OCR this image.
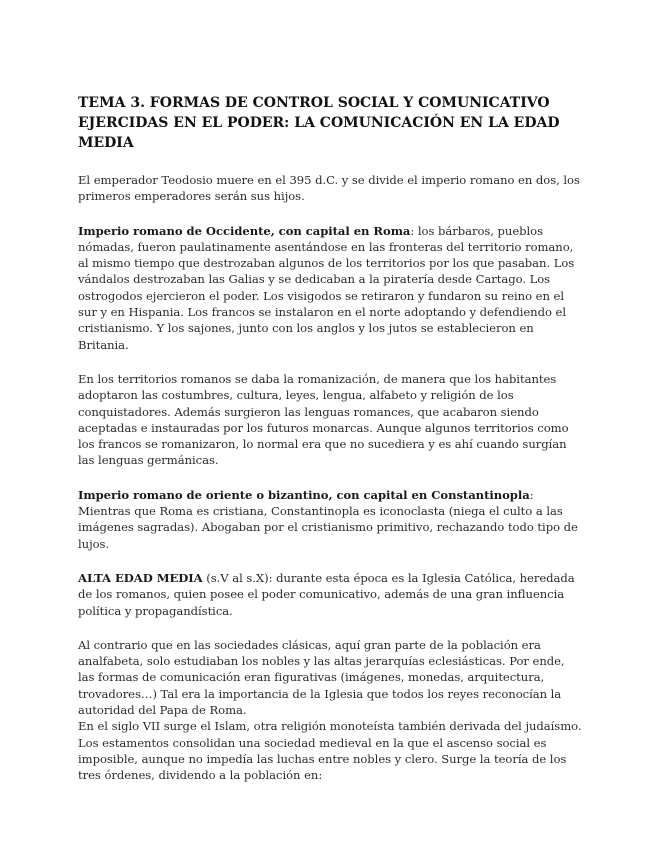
TEMA 3. FORMAS DE CONTROL SOCIAL Y COMUNICATIVO EJERCIDAS EN EL PODER: LA COMUNICACIÓN EN LA EDAD MEDIA

El emperador Teodosio muere en el 395 d.C. y se divide el imperio romano en dos, los primeros emperadores serán sus hijos.

Imperio romano de Occidente, con capital en Roma: los bárbaros, pueblos nómadas, fueron paulatinamente asentándose en las fronteras del territorio romano, al mismo tiempo que destrozaban algunos de los territorios por los que pasaban. Los vándalos destrozaban las Galias y se dedicaban a la piratería desde Cartago. Los ostrogodos ejercieron el poder. Los visigodos se retiraron y fundaron su reino en el sur y en Hispania. Los francos se instalaron en el norte adoptando y defendiendo el cristianismo. Y los sajones, junto con los anglos y los jutos se establecieron en Britania.

En los territorios romanos se daba la romanización, de manera que los habitantes adoptaron las costumbres, cultura, leyes, lengua, alfabeto y religión de los conquistadores. Además surgieron las lenguas romances, que acabaron siendo aceptadas e instauradas por los futuros monarcas. Aunque algunos territorios como los francos se romanizaron, lo normal era que no sucediera y es ahí cuando surgían las lenguas germánicas.

Imperio romano de oriente o bizantino, con capital en Constantinopla: Mientras que Roma es cristiana, Constantinopla es iconoclasta (niega el culto a las imágenes sagradas). Abogaban por el cristianismo primitivo, rechazando todo tipo de lujos.

ALTA EDAD MEDIA (s.V al s.X): durante esta época es la Iglesia Católica, heredada de los romanos, quien posee el poder comunicativo, además de una gran influencia política y propagandística.

Al contrario que en las sociedades clásicas, aquí gran parte de la población era analfabeta, solo estudiaban los nobles y las altas jerarquías eclesiásticas. Por ende, las formas de comunicación eran figurativas (imágenes, monedas, arquitectura, trovadores…) Tal era la importancia de la Iglesia que todos los reyes reconocían la autoridad del Papa de Roma.

En el siglo VII surge el Islam, otra religión monoteísta también derivada del judaísmo. Los estamentos consolidan una sociedad medieval en la que el ascenso social es imposible, aunque no impedía las luchas entre nobles y clero. Surge la teoría de los tres órdenes, dividendo a la población en:
